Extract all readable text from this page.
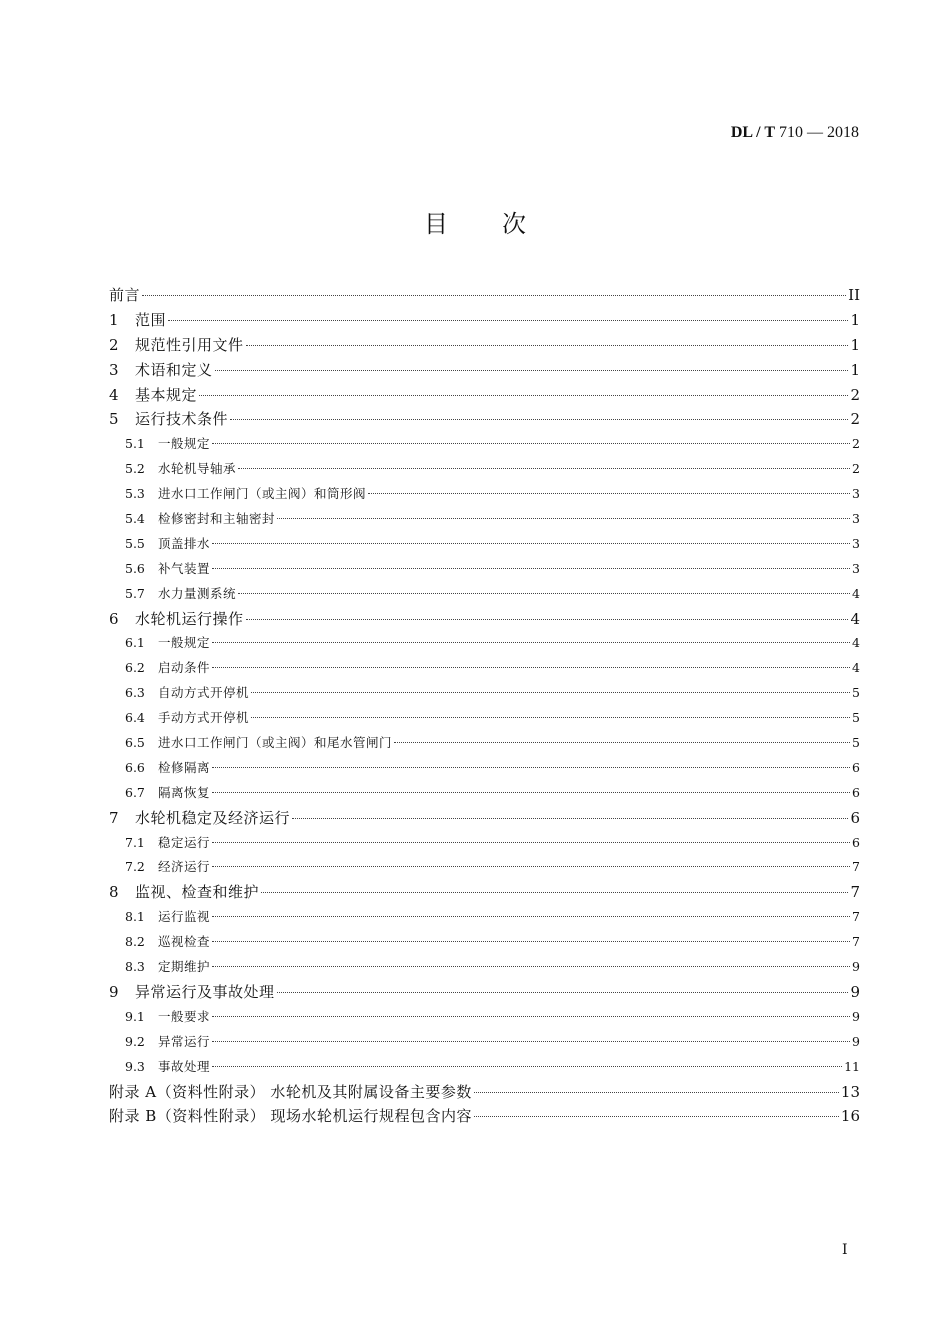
DL / T 710 — 2018
目 次
前言	II
1	范围	1
2	规范性引用文件	1
3	术语和定义	1
4	基本规定	2
5	运行技术条件	2
5.1	一般规定	2
5.2	水轮机导轴承	2
5.3	进水口工作闸门（或主阀）和筒形阀	3
5.4	检修密封和主轴密封	3
5.5	顶盖排水	3
5.6	补气装置	3
5.7	水力量测系统	4
6	水轮机运行操作	4
6.1	一般规定	4
6.2	启动条件	4
6.3	自动方式开停机	5
6.4	手动方式开停机	5
6.5	进水口工作闸门（或主阀）和尾水管闸门	5
6.6	检修隔离	6
6.7	隔离恢复	6
7	水轮机稳定及经济运行	6
7.1	稳定运行	6
7.2	经济运行	7
8	监视、检查和维护	7
8.1	运行监视	7
8.2	巡视检查	7
8.3	定期维护	9
9	异常运行及事故处理	9
9.1	一般要求	9
9.2	异常运行	9
9.3	事故处理	11
附录 A（资料性附录） 水轮机及其附属设备主要参数	13
附录 B（资料性附录） 现场水轮机运行规程包含内容	16
I
